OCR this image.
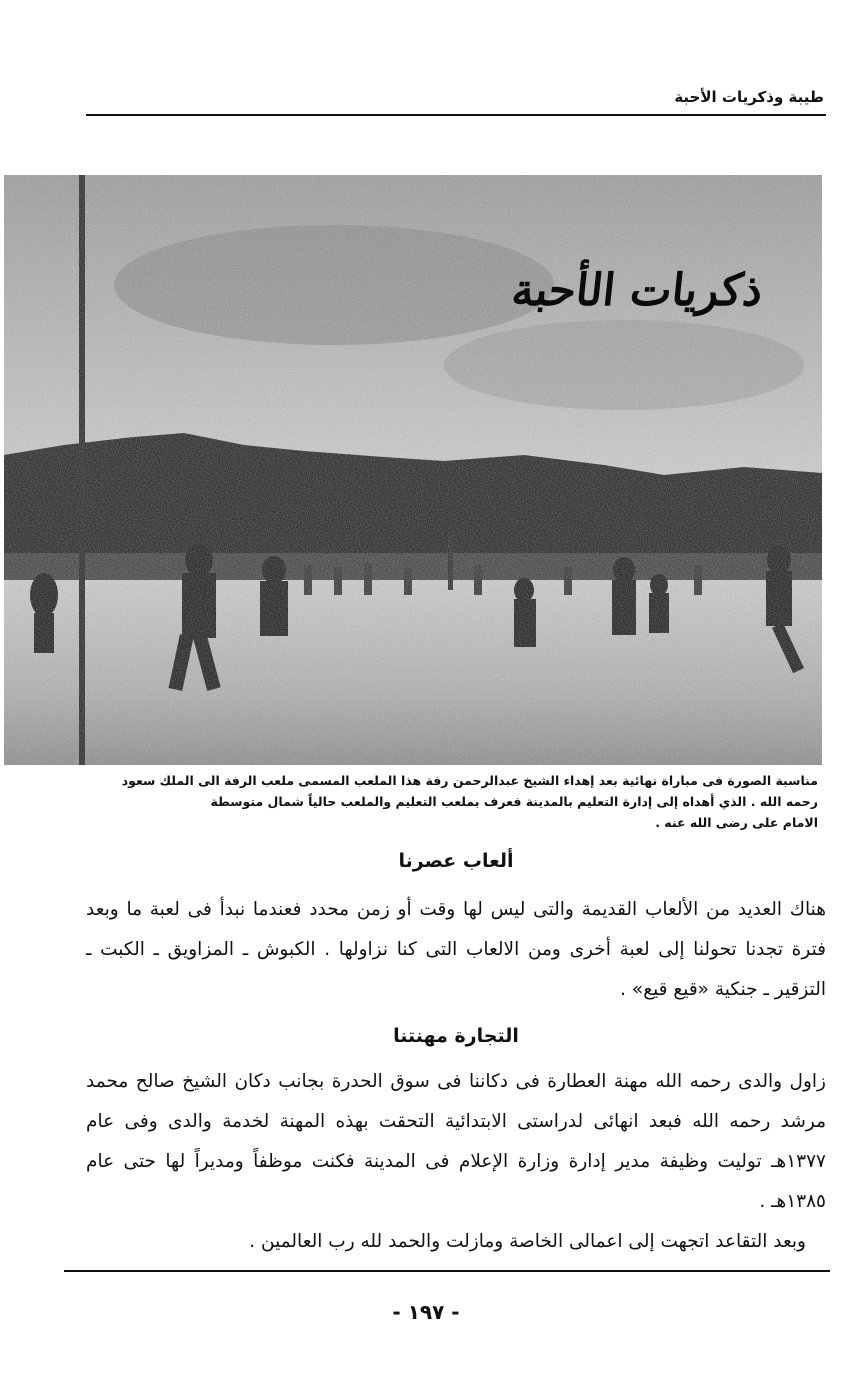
طيبة وذكريات الأحبة
ذكريات الأحبة

مناسبة الصورة فى مباراة نهائية بعد إهداء الشيخ عبدالرحمن رفة هذا الملعب المسمى ملعب الرفة الى الملك سعود

رحمه الله . الذي أهداه إلى إدارة التعليم بالمدينة فعرف بملعب التعليم والملعب حالياً شمال متوسطة

الامام على رضى الله عنه .

ألعاب عصرنا

هناك العديد من الألعاب القديمة والتى ليس لها وقت أو زمن محدد فعندما نبدأ فى لعبة ما وبعد فترة تجدنا تحولنا إلى لعبة أخرى ومن الالعاب التى كنا نزاولها . الكبوش ـ المزاويق ـ الكبت ـ التزقير ـ جنكية «قيع قيع» .

التجارة مهنتنا

زاول والدى رحمه الله مهنة العطارة فى دكاننا فى سوق الحدرة بجانب دكان الشيخ صالح محمد مرشد رحمه الله فبعد انهائى لدراستى الابتدائية التحقت بهذه المهنة لخدمة والدى وفى عام ١٣٧٧هـ توليت وظيفة مدير إدارة وزارة الإعلام فى المدينة فكنت موظفاً ومديراً لها حتى عام ١٣٨٥هـ .

وبعد التقاعد اتجهت إلى اعمالى الخاصة ومازلت والحمد لله رب العالمين .

- ١٩٧ -
